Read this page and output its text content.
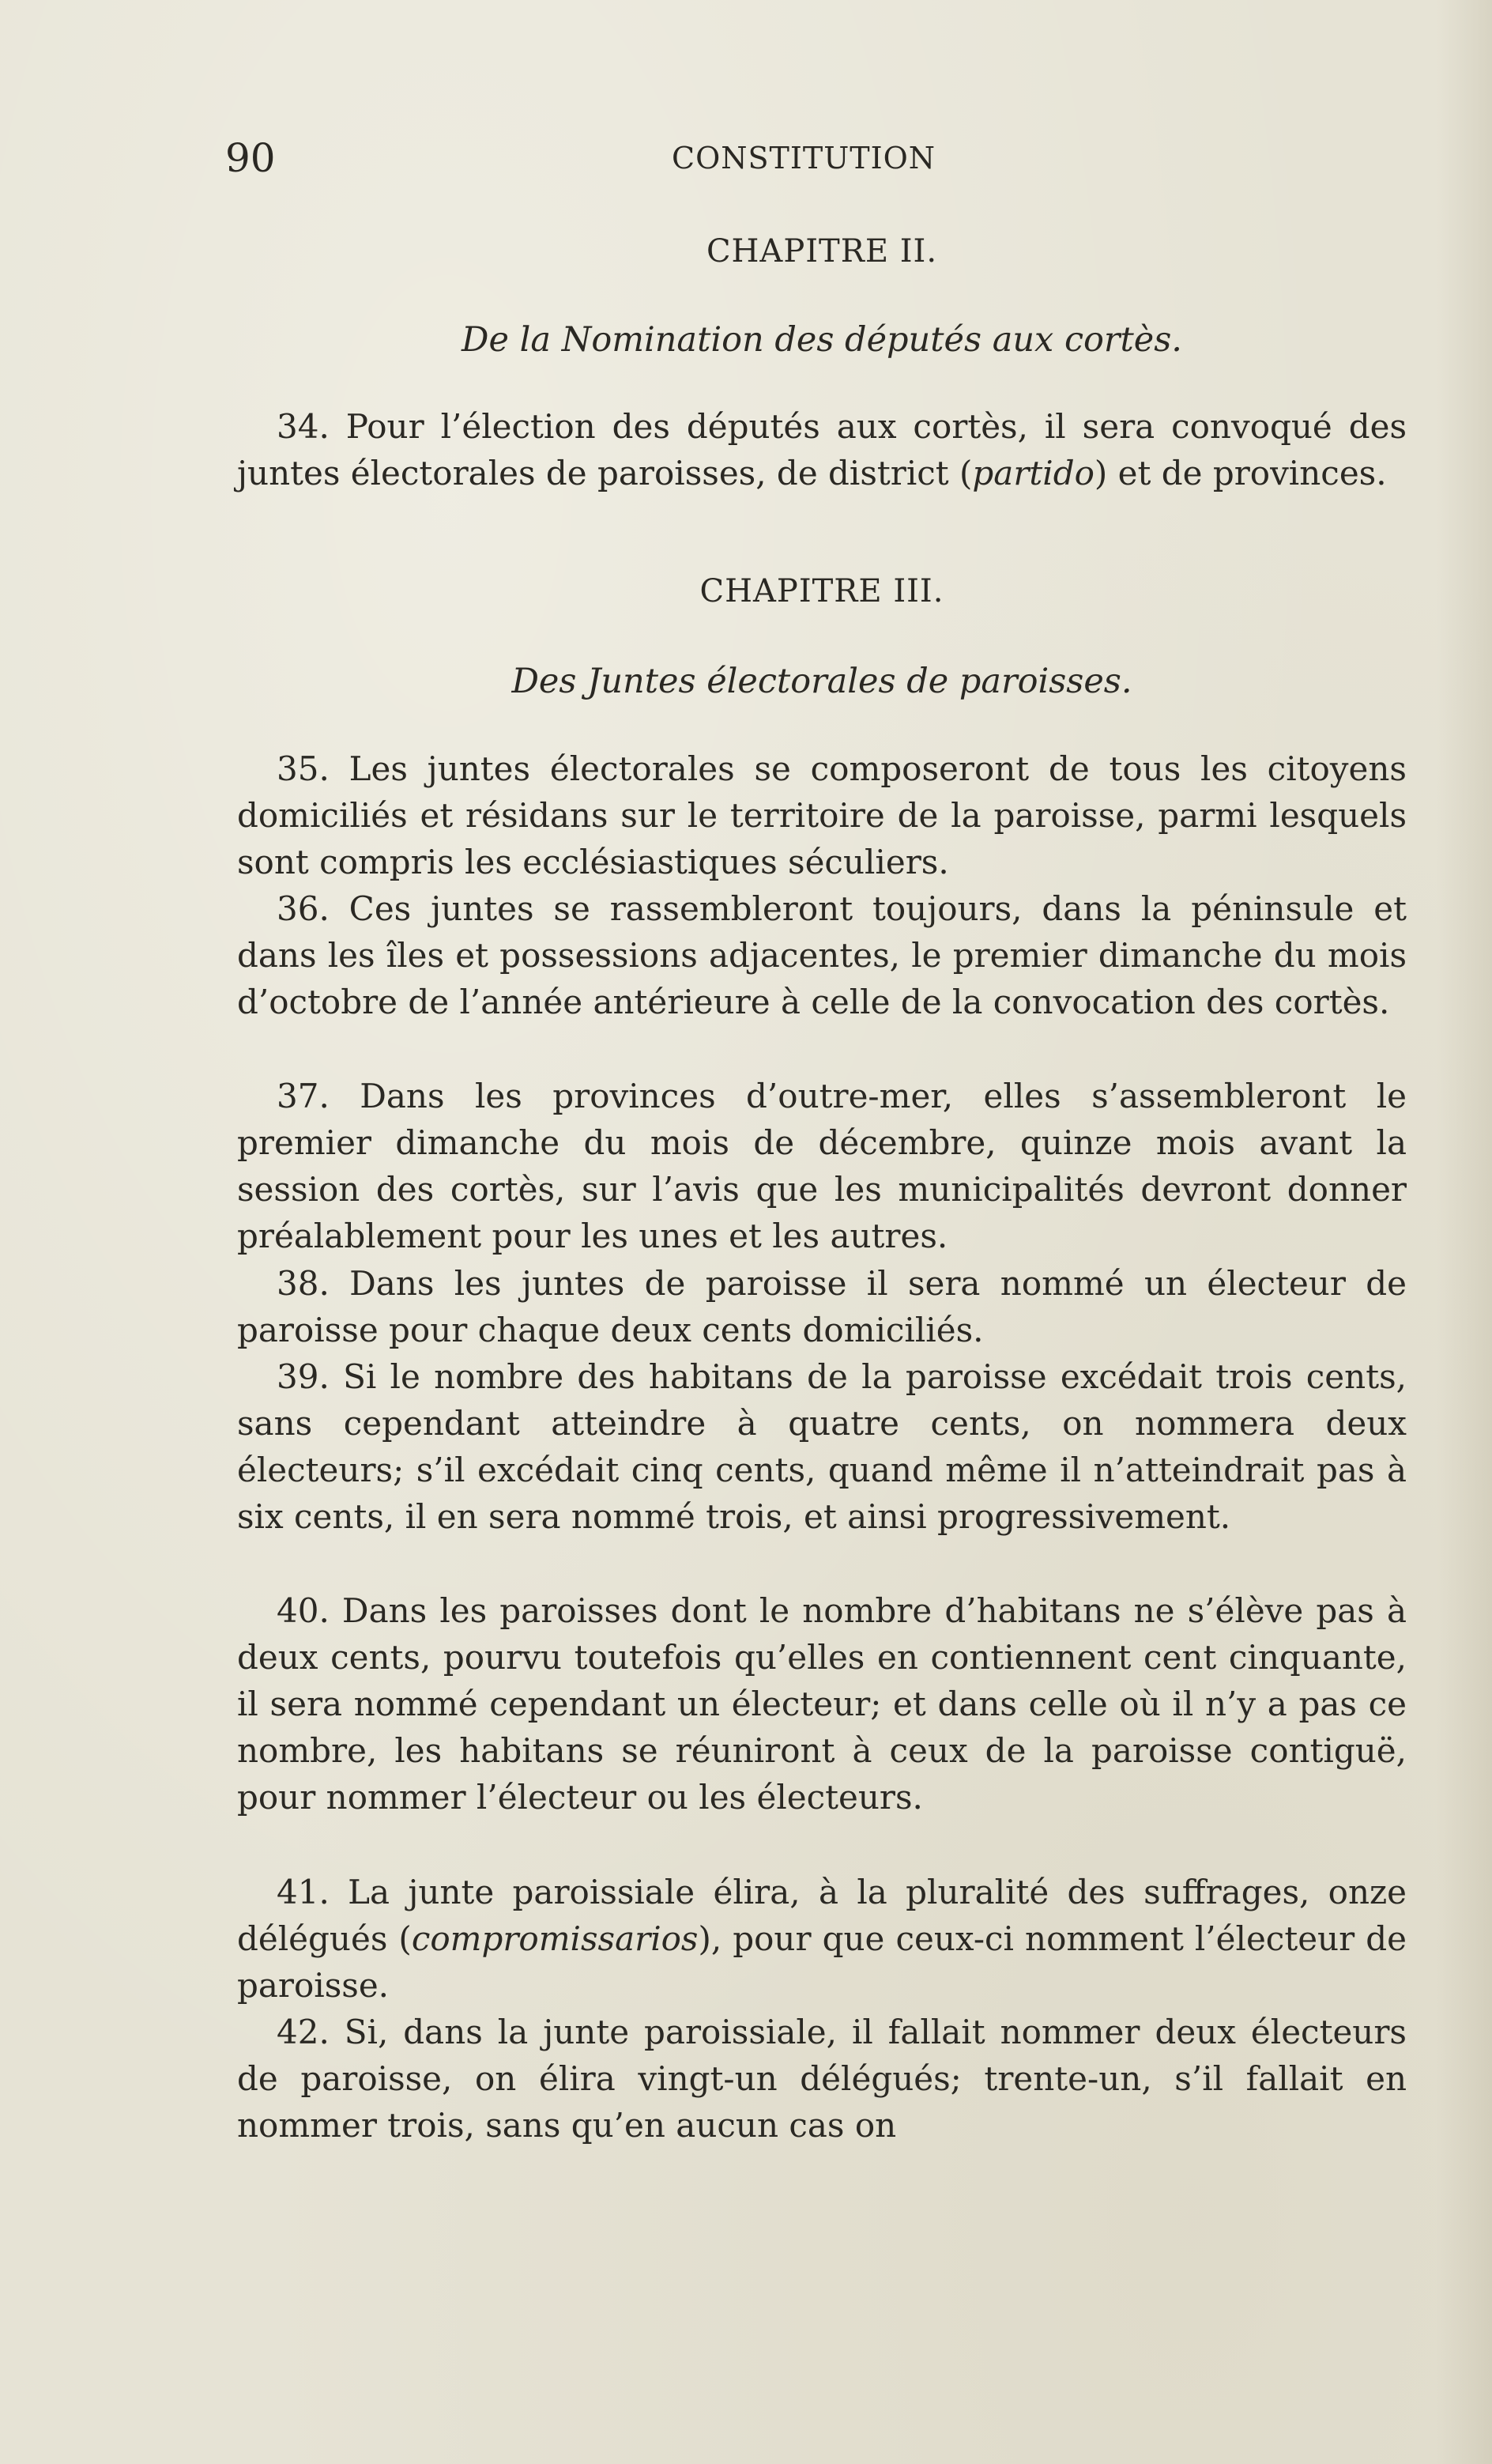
90	CONSTITUTION
CHAPITRE II.
De la Nomination des députés aux cortès.

34. Pour l’élection des députés aux cortès, il sera convoqué des juntes électorales de paroisses, de district (partido) et de provinces.

CHAPITRE III.
Des Juntes électorales de paroisses.

35. Les juntes électorales se composeront de tous les citoyens domiciliés et résidans sur le territoire de la paroisse, parmi lesquels sont compris les ecclésiastiques séculiers.

36. Ces juntes se rassembleront toujours, dans la péninsule et dans les îles et possessions adjacentes, le premier dimanche du mois d’octobre de l’année antérieure à celle de la convocation des cortès.

37. Dans les provinces d’outre-mer, elles s’assembleront le premier dimanche du mois de décembre, quinze mois avant la session des cortès, sur l’avis que les municipalités devront donner préalablement pour les unes et les autres.

38. Dans les juntes de paroisse il sera nommé un électeur de paroisse pour chaque deux cents domiciliés.

39. Si le nombre des habitans de la paroisse excédait trois cents, sans cependant atteindre à quatre cents, on nommera deux électeurs; s’il excédait cinq cents, quand même il n’atteindrait pas à six cents, il en sera nommé trois, et ainsi progressivement.

40. Dans les paroisses dont le nombre d’habitans ne s’élève pas à deux cents, pourvu toutefois qu’elles en contiennent cent cinquante, il sera nommé cependant un électeur; et dans celle où il n’y a pas ce nombre, les habitans se réuniront à ceux de la paroisse contiguë, pour nommer l’électeur ou les électeurs.

41. La junte paroissiale élira, à la pluralité des suffrages, onze délégués (compromissarios), pour que ceux-ci nomment l’électeur de paroisse.

42. Si, dans la junte paroissiale, il fallait nommer deux électeurs de paroisse, on élira vingt-un délégués; trente-un, s’il fallait en nommer trois, sans qu’en aucun cas on
